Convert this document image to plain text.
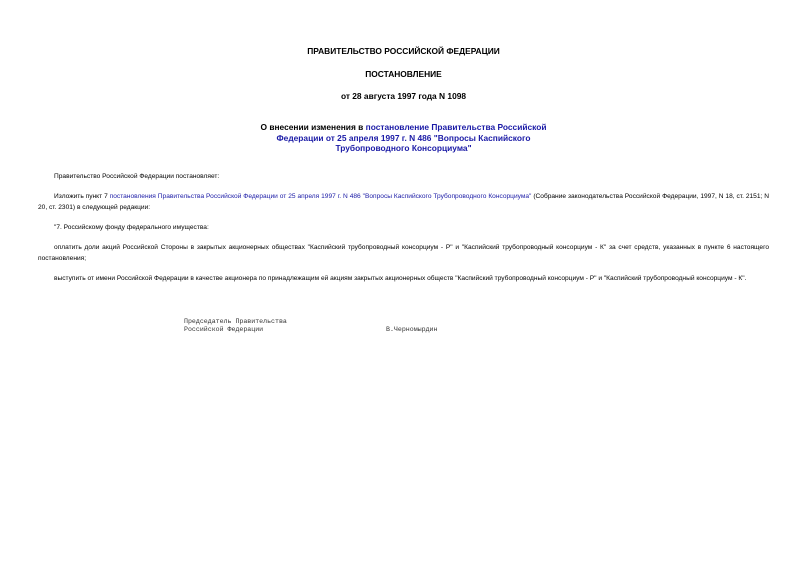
ПРАВИТЕЛЬСТВО РОССИЙСКОЙ ФЕДЕРАЦИИ
ПОСТАНОВЛЕНИЕ
от 28 августа 1997 года N 1098
О внесении изменения в постановление Правительства Российской
Федерации от 25 апреля 1997 г. N 486 "Вопросы Каспийского
Трубопроводного Консорциума"
Правительство Российской Федерации постановляет:
Изложить пункт 7 постановления Правительства Российской Федерации от 25 апреля 1997 г. N 486 "Вопросы Каспийского Трубопроводного Консорциума" (Собрание законодательства Российской Федерации, 1997, N 18, ст. 2151; N 20, ст. 2301) в следующей редакции:
"7. Российскому фонду федерального имущества:
оплатить доли акций Российской Стороны в закрытых акционерных обществах "Каспийский трубопроводный консорциум - Р" и "Каспийский трубопроводный консорциум - К" за счет средств, указанных в пункте 6 настоящего постановления;
выступить от имени Российской Федерации в качестве акционера по принадлежащим ей акциям закрытых акционерных обществ "Каспийский трубопроводный консорциум - Р" и "Каспийский трубопроводный консорциум - К".
Председатель Правительства
Российской Федерации	В.Черномырдин
